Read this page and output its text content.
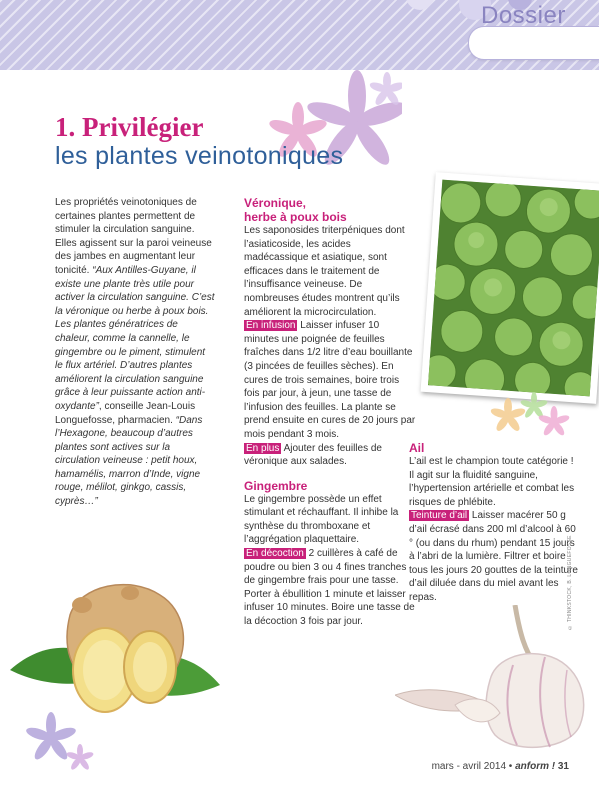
Dossier
1. Privilégier
les plantes veinotoniques

Les propriétés veinotoniques de certaines plantes permettent de stimuler la circulation sanguine. Elles agissent sur la paroi veineuse des jambes en augmentant leur tonicité. “Aux Antilles-Guyane, il existe une plante très utile pour activer la circulation sanguine. C’est la véronique ou herbe à poux bois. Les plantes génératrices de chaleur, comme la cannelle, le gingembre ou le piment, stimulent le flux artériel. D’autres plantes améliorent la circulation sanguine grâce à leur puissante action anti-oxydante”, conseille Jean-Louis Longuefosse, pharmacien. “Dans l’Hexagone, beaucoup d’autres plantes sont actives sur la circulation veineuse : petit houx, hamamélis, marron d’Inde, vigne rouge, mélilot, ginkgo, cassis, cyprès…”

Véronique,
herbe à poux bois

Les saponosides triterpéniques dont l’asiaticoside, les acides madécassique et asiatique, sont efficaces dans le traitement de l’insuffisance veineuse. De nombreuses études montrent qu’ils améliorent la microcirculation.

En infusion Laisser infuser 10 minutes une poignée de feuilles fraîches dans 1/2 litre d’eau bouillante (3 pincées de feuilles sèches). En cures de trois semaines, boire trois fois par jour, à jeun, une tasse de l’infusion des feuilles. La plante se prend ensuite en cures de 20 jours par mois pendant 3 mois.

En plus Ajouter des feuilles de véronique aux salades.

Gingembre

Le gingembre possède un effet stimulant et réchauffant. Il inhibe la synthèse du thromboxane et l’aggrégation plaquettaire.

En décoction 2 cuillères à café de poudre ou bien 3 ou 4 fines tranches de gingembre frais pour une tasse. Porter à ébullition 1 minute et laisser infuser 10 minutes. Boire une tasse de la décoction 3 fois par jour.

Ail

L’ail est le champion toute catégorie ! Il agit sur la fluidité sanguine, l’hypertension artérielle et combat les risques de phlébite.

Teinture d’ail Laisser macérer 50 g d’ail écrasé dans 200 ml d’alcool à 60 ° (ou dans du rhum) pendant 15 jours à l’abri de la lumière. Filtrer et boire tous les jours 20 gouttes de la teinture d’ail diluée dans du miel avant les repas.	© THINKSTOCK, B. LONGUEFOSSE
mars - avril 2014 • anform ! 31
